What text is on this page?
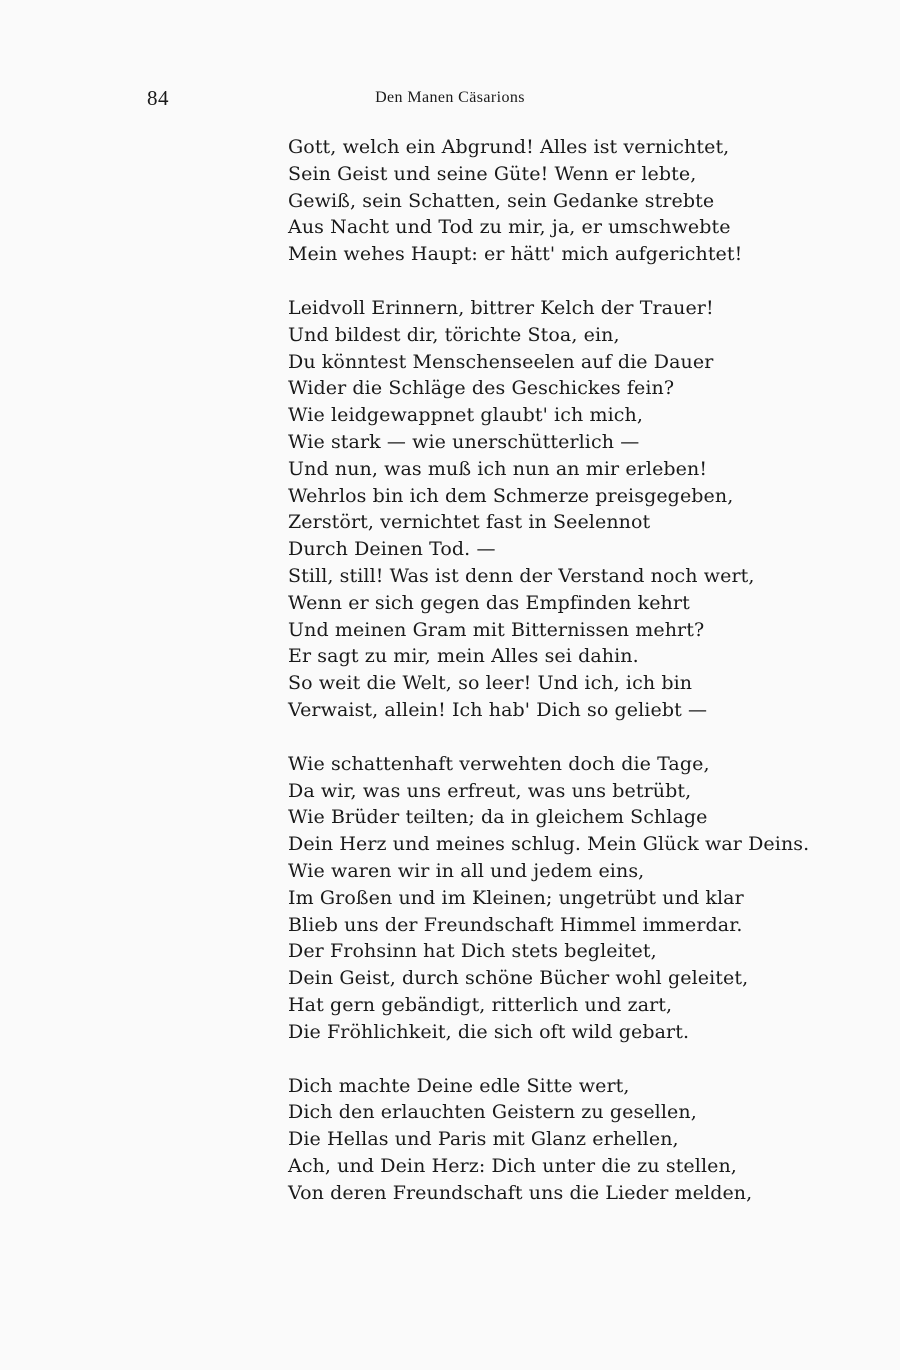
84	Den Manen Cäsarions
Gott, welch ein Abgrund! Alles ist vernichtet,
Sein Geist und seine Güte! Wenn er lebte,
Gewiß, sein Schatten, sein Gedanke strebte
Aus Nacht und Tod zu mir, ja, er umschwebte
Mein wehes Haupt: er hätt' mich aufgerichtet!
Leidvoll Erinnern, bittrer Kelch der Trauer!
Und bildest dir, törichte Stoa, ein,
Du könntest Menschenseelen auf die Dauer
Wider die Schläge des Geschickes fein?
Wie leidgewappnet glaubt' ich mich,
Wie stark — wie unerschütterlich —
Und nun, was muß ich nun an mir erleben!
Wehrlos bin ich dem Schmerze preisgegeben,
Zerstört, vernichtet fast in Seelennot
Durch Deinen Tod. —
Still, still! Was ist denn der Verstand noch wert,
Wenn er sich gegen das Empfinden kehrt
Und meinen Gram mit Bitternissen mehrt?
Er sagt zu mir, mein Alles sei dahin.
So weit die Welt, so leer! Und ich, ich bin
Verwaist, allein! Ich hab' Dich so geliebt —
Wie schattenhaft verwehten doch die Tage,
Da wir, was uns erfreut, was uns betrübt,
Wie Brüder teilten; da in gleichem Schlage
Dein Herz und meines schlug. Mein Glück war Deins.
Wie waren wir in all und jedem eins,
Im Großen und im Kleinen; ungetrübt und klar
Blieb uns der Freundschaft Himmel immerdar.
Der Frohsinn hat Dich stets begleitet,
Dein Geist, durch schöne Bücher wohl geleitet,
Hat gern gebändigt, ritterlich und zart,
Die Fröhlichkeit, die sich oft wild gebart.
Dich machte Deine edle Sitte wert,
Dich den erlauchten Geistern zu gesellen,
Die Hellas und Paris mit Glanz erhellen,
Ach, und Dein Herz: Dich unter die zu stellen,
Von deren Freundschaft uns die Lieder melden,
